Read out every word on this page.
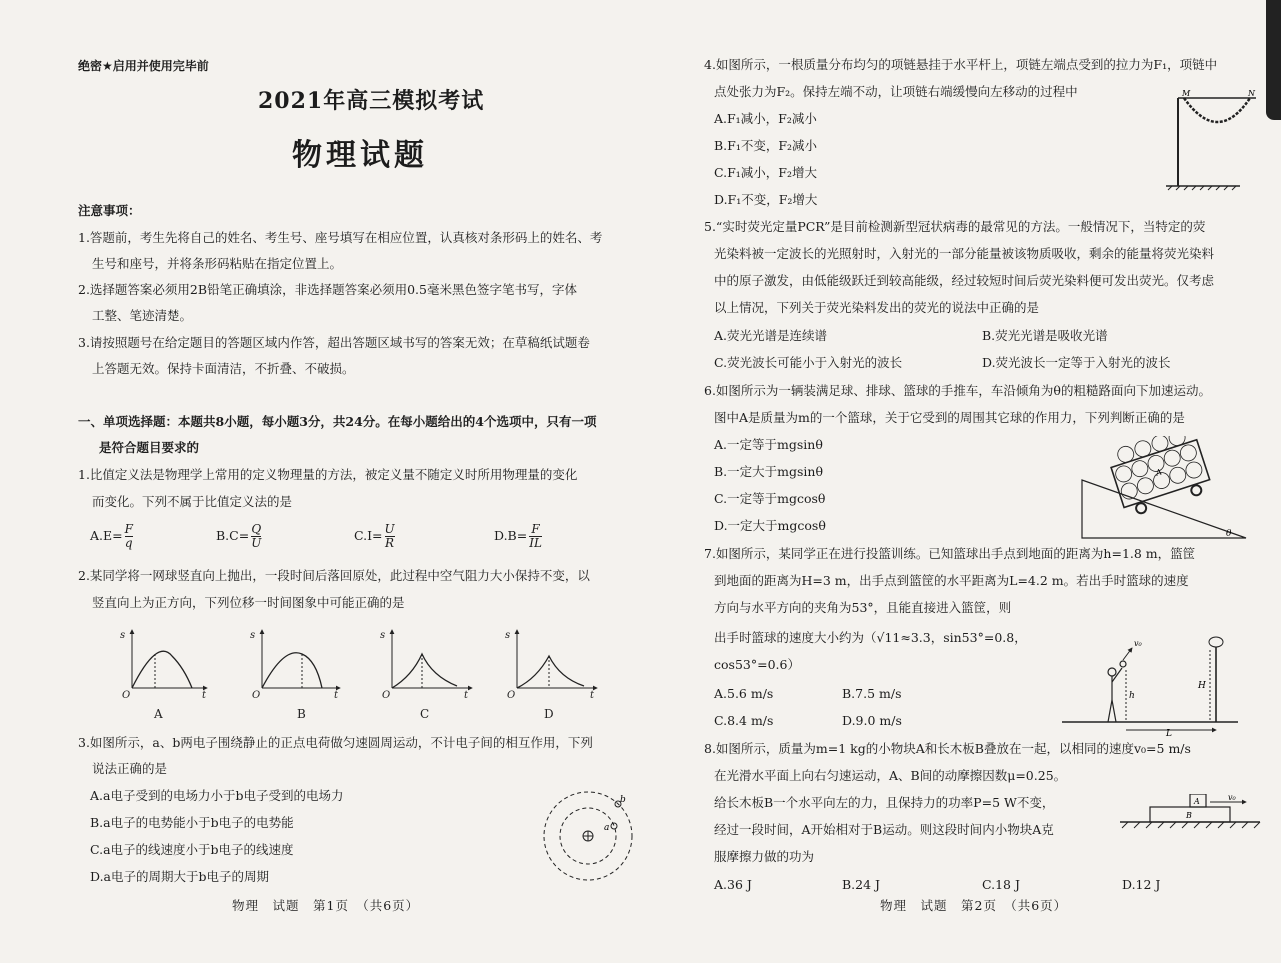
绝密★启用并使用完毕前
2021年高三模拟考试
物理试题
注意事项：
1.答题前，考生先将自己的姓名、考生号、座号填写在相应位置，认真核对条形码上的姓名、考
生号和座号，并将条形码粘贴在指定位置上。
2.选择题答案必须用2B铅笔正确填涂，非选择题答案必须用0.5毫米黑色签字笔书写，字体
工整、笔迹清楚。
3.请按照题号在给定题目的答题区域内作答，超出答题区域书写的答案无效；在草稿纸试题卷
上答题无效。保持卡面清洁，不折叠、不破损。
一、单项选择题：本题共8小题，每小题3分，共24分。在每小题给出的4个选项中，只有一项
是符合题目要求的
1.比值定义法是物理学上常用的定义物理量的方法，被定义量不随定义时所用物理量的变化
而变化。下列不属于比值定义法的是
$A.E= \frac{F}{q}$	$B.C= \frac{Q}{U}$	$C.I= \frac{U}{R}$	$D.B= \frac{F}{IL}$
2.某同学将一网球竖直向上抛出，一段时间后落回原处，此过程中空气阻力大小保持不变，以
竖直向上为正方向，下列位移一时间图象中可能正确的是
s	s	s	s
O	O	O	O
t	t	t	t
A	B	C	D
3.如图所示，a、b两电子围绕静止的正点电荷做匀速圆周运动，不计电子间的相互作用，下列
说法正确的是
A.a电子受到的电场力小于b电子受到的电场力
B.a电子的电势能小于b电子的电势能
C.a电子的线速度小于b电子的线速度
D.a电子的周期大于b电子的周期
b
a
物理　试题　第1页　（共6页）
4.如图所示，一根质量分布均匀的项链悬挂于水平杆上，项链左端点受到的拉力为F₁，项链中
点处张力为F₂。保持左端不动，让项链右端缓慢向左移动的过程中
A.F₁减小，F₂减小
B.F₁不变，F₂减小
C.F₁减小，F₂增大
D.F₁不变，F₂增大
M	N
5.“实时荧光定量PCR”是目前检测新型冠状病毒的最常见的方法。一般情况下，当特定的荧
光染料被一定波长的光照射时，入射光的一部分能量被该物质吸收，剩余的能量将荧光染料
中的原子激发，由低能级跃迁到较高能级，经过较短时间后荧光染料便可发出荧光。仅考虑
以上情况，下列关于荧光染料发出的荧光的说法中正确的是
A.荧光光谱是连续谱	B.荧光光谱是吸收光谱
C.荧光波长可能小于入射光的波长	D.荧光波长一定等于入射光的波长
6.如图所示为一辆装满足球、排球、篮球的手推车，车沿倾角为θ的粗糙路面向下加速运动。
图中A是质量为m的一个篮球，关于它受到的周围其它球的作用力，下列判断正确的是
A.一定等于mgsinθ
B.一定大于mgsinθ
C.一定等于mgcosθ
D.一定大于mgcosθ
A
θ
7.如图所示，某同学正在进行投篮训练。已知篮球出手点到地面的距离为h=1.8 m，篮筐
到地面的距离为H=3 m，出手点到篮筐的水平距离为L=4.2 m。若出手时篮球的速度
方向与水平方向的夹角为53°，且能直接进入篮筐，则
出手时篮球的速度大小约为（√11≈3.3，sin53°=0.8，
cos53°=0.6）
A.5.6 m/s	B.7.5 m/s
C.8.4 m/s	D.9.0 m/s
v₀
h
H
L
8.如图所示，质量为m=1 kg的小物块A和长木板B叠放在一起，以相同的速度v₀=5 m/s
在光滑水平面上向右匀速运动，A、B间的动摩擦因数μ=0.25。
给长木板B一个水平向左的力，且保持力的功率P=5 W不变，
经过一段时间，A开始相对于B运动。则这段时间内小物块A克
服摩擦力做的功为
A.36 J	B.24 J	C.18 J	D.12 J
v₀
A
B
物理　试题　第2页　（共6页）
